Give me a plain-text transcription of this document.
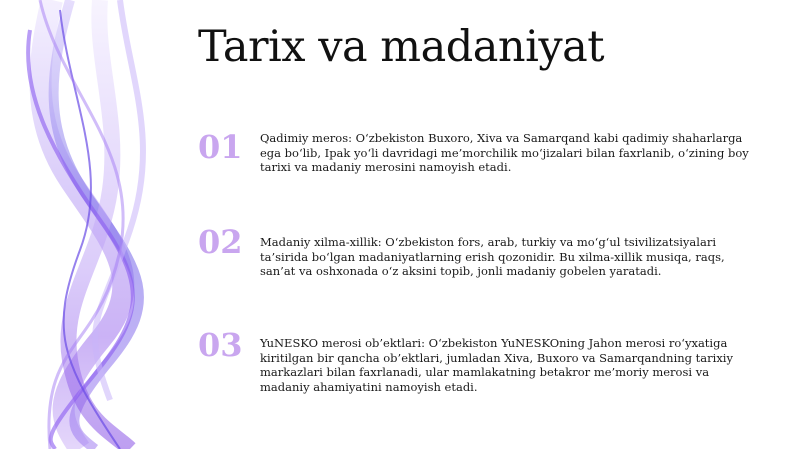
Tarix va madaniyat
01	Qadimiy meros: O‘zbekiston Buxoro, Xiva va Samarqand kabi qadimiy shaharlarga ega bo‘lib, Ipak yo‘li davridagi me’morchilik mo‘jizalari bilan faxrlanib, o‘zining boy tarixi va madaniy merosini namoyish etadi.
02	Madaniy xilma-xillik: O‘zbekiston fors, arab, turkiy va mo‘g‘ul tsivilizatsiyalari ta’sirida bo‘lgan madaniyatlarning erish qozonidir. Bu xilma-xillik musiqa, raqs, san’at va oshxonada o‘z aksini topib, jonli madaniy gobelen yaratadi.
03	YuNESKO merosi ob’ektlari: O‘zbekiston YuNESKOning Jahon merosi ro‘yxatiga kiritilgan bir qancha ob’ektlari, jumladan Xiva, Buxoro va Samarqandning tarixiy markazlari bilan faxrlanadi, ular mamlakatning betakror me’moriy merosi va madaniy ahamiyatini namoyish etadi.
